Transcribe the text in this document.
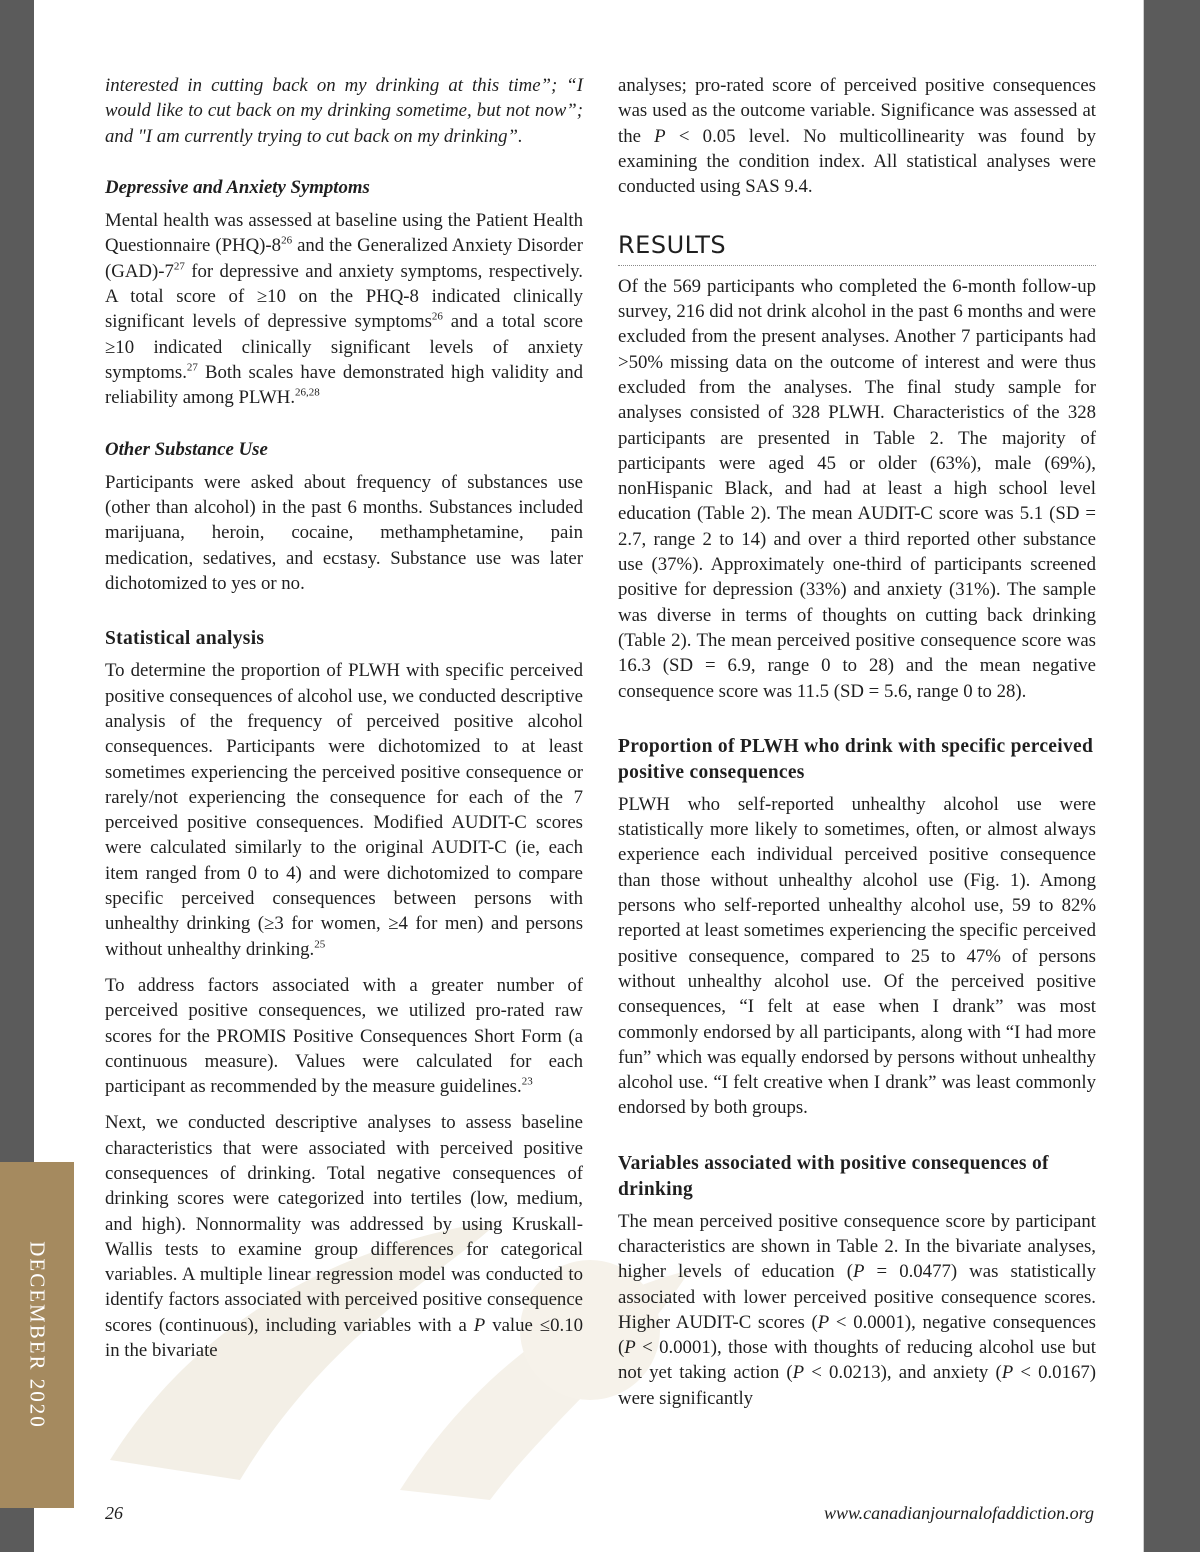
DECEMBER 2020

interested in cutting back on my drinking at this time”; “I would like to cut back on my drinking sometime, but not now”; and "I am currently trying to cut back on my drinking”.

Depressive and Anxiety Symptoms

Mental health was assessed at baseline using the Patient Health Questionnaire $(PHQ)-8^{26}$ and the Generalized Anxiety Disorder $(GAD)-7^{27}$ for depressive and anxiety symptoms, respectively. A total score of ≥10 on the PHQ-8 indicated clinically significant levels of depressive symptoms$^{26}$ and a total score ≥10 indicated clinically significant levels of anxiety symptoms.$^{27}$ Both scales have demonstrated high validity and reliability among PLWH.$^{26,28}$

Other Substance Use

Participants were asked about frequency of substances use (other than alcohol) in the past 6 months. Substances included marijuana, heroin, cocaine, methamphetamine, pain medication, sedatives, and ecstasy. Substance use was later dichotomized to yes or no.

Statistical analysis

To determine the proportion of PLWH with specific perceived positive consequences of alcohol use, we conducted descriptive analysis of the frequency of perceived positive alcohol consequences. Participants were dichotomized to at least sometimes experiencing the perceived positive consequence or rarely/not experiencing the consequence for each of the 7 perceived positive consequences. Modified AUDIT-C scores were calculated similarly to the original AUDIT-C (ie, each item ranged from 0 to 4) and were dichotomized to compare specific perceived consequences between persons with unhealthy drinking (≥3 for women, ≥4 for men) and persons without unhealthy drinking.$^{25}$

To address factors associated with a greater number of perceived positive consequences, we utilized pro-rated raw scores for the PROMIS Positive Consequences Short Form (a continuous measure). Values were calculated for each participant as recommended by the measure guidelines.$^{23}$

Next, we conducted descriptive analyses to assess baseline characteristics that were associated with perceived positive consequences of drinking. Total negative consequences of drinking scores were categorized into tertiles (low, medium, and high). Nonnormality was addressed by using Kruskall-Wallis tests to examine group differences for categorical variables. A multiple linear regression model was conducted to identify factors associated with perceived positive consequence scores (continuous), including variables with a P value ≤0.10 in the bivariate

analyses; pro-rated score of perceived positive consequences was used as the outcome variable. Significance was assessed at the P < 0.05 level. No multicollinearity was found by examining the condition index. All statistical analyses were conducted using SAS 9.4.

RESULTS

Of the 569 participants who completed the 6-month follow-up survey, 216 did not drink alcohol in the past 6 months and were excluded from the present analyses. Another 7 participants had >50% missing data on the outcome of interest and were thus excluded from the analyses. The final study sample for analyses consisted of 328 PLWH. Characteristics of the 328 participants are presented in Table 2. The majority of participants were aged 45 or older (63%), male (69%), nonHispanic Black, and had at least a high school level education (Table 2). The mean AUDIT-C score was 5.1 (SD = 2.7, range 2 to 14) and over a third reported other substance use (37%). Approximately one-third of participants screened positive for depression (33%) and anxiety (31%). The sample was diverse in terms of thoughts on cutting back drinking (Table 2). The mean perceived positive consequence score was 16.3 (SD = 6.9, range 0 to 28) and the mean negative consequence score was 11.5 (SD = 5.6, range 0 to 28).

Proportion of PLWH who drink with specific perceived positive consequences

PLWH who self-reported unhealthy alcohol use were statistically more likely to sometimes, often, or almost always experience each individual perceived positive consequence than those without unhealthy alcohol use (Fig. 1). Among persons who self-reported unhealthy alcohol use, 59 to 82% reported at least sometimes experiencing the specific perceived positive consequence, compared to 25 to 47% of persons without unhealthy alcohol use. Of the perceived positive consequences, “I felt at ease when I drank” was most commonly endorsed by all participants, along with “I had more fun” which was equally endorsed by persons without unhealthy alcohol use. “I felt creative when I drank” was least commonly endorsed by both groups.

Variables associated with positive consequences of drinking

The mean perceived positive consequence score by participant characteristics are shown in Table 2. In the bivariate analyses, higher levels of education (P = 0.0477) was statistically associated with lower perceived positive consequence scores. Higher AUDIT-C scores (P < 0.0001), negative consequences (P < 0.0001), those with thoughts of reducing alcohol use but not yet taking action (P < 0.0213), and anxiety (P < 0.0167) were significantly

26	www.canadianjournalofaddiction.org
